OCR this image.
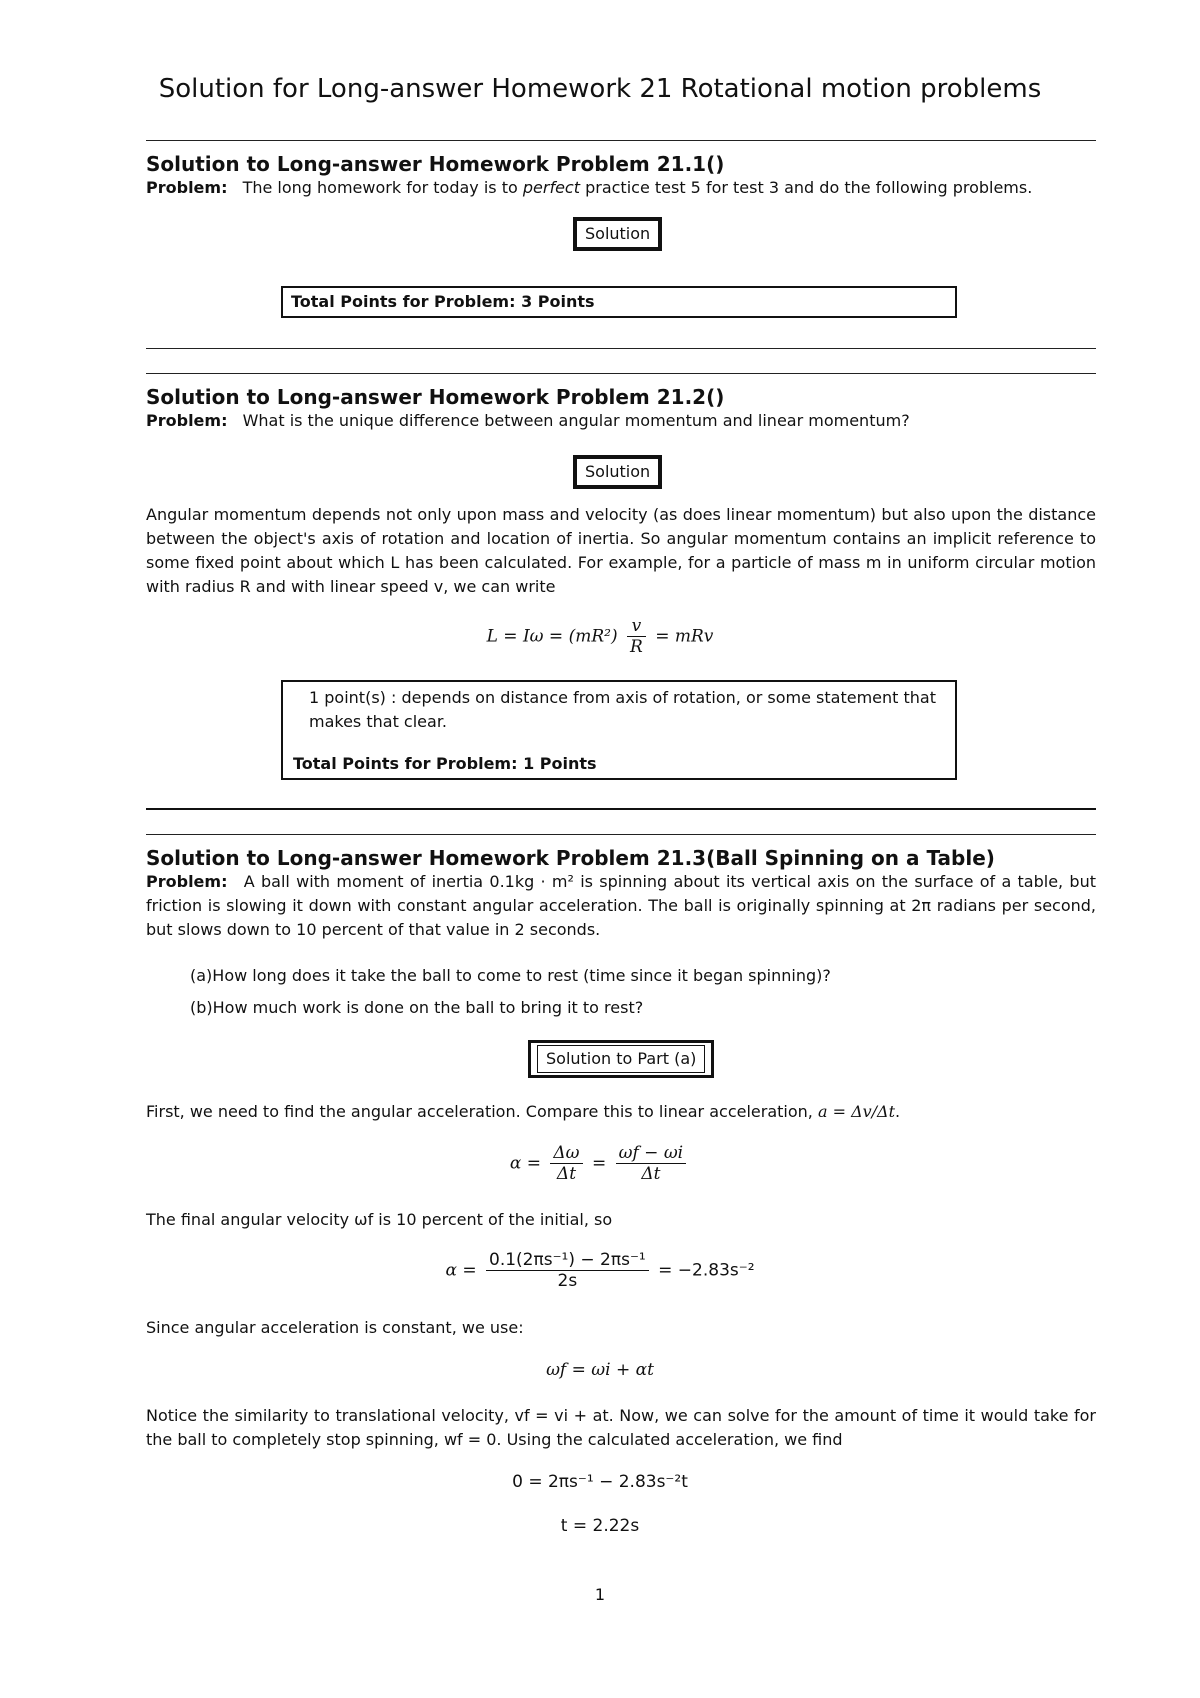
Solution for Long-answer Homework 21 Rotational motion problems
Solution to Long-answer Homework Problem 21.1()
Problem: The long homework for today is to perfect practice test 5 for test 3 and do the following problems.
Solution
Total Points for Problem: 3 Points
Solution to Long-answer Homework Problem 21.2()
Problem: What is the unique difference between angular momentum and linear momentum?
Solution
Angular momentum depends not only upon mass and velocity (as does linear momentum) but also upon the distance between the object's axis of rotation and location of inertia. So angular momentum contains an implicit reference to some fixed point about which L has been calculated. For example, for a particle of mass m in uniform circular motion with radius R and with linear speed v, we can write
$L = I\omega = (mR^2) \frac{v}{R}$ = mRv
1 point(s) : depends on distance from axis of rotation, or some statement that makes that clear.
Total Points for Problem: 1 Points
Solution to Long-answer Homework Problem 21.3(Ball Spinning on a Table)
Problem: A ball with moment of inertia 0.1kg · m² is spinning about its vertical axis on the surface of a table, but friction is slowing it down with constant angular acceleration. The ball is originally spinning at 2π radians per second, but slows down to 10 percent of that value in 2 seconds.
(a)How long does it take the ball to come to rest (time since it began spinning)?
(b)How much work is done on the ball to bring it to rest?
Solution to Part (a)
First, we need to find the angular acceleration. Compare this to linear acceleration, a = Δv/Δt.
$\alpha = \frac{\Delta\omega}{\Delta t} = \frac{\omega f - \omega i}{\Delta t}$
The final angular velocity ωf is 10 percent of the initial, so
$\alpha = \frac{\text{0.1(2πs⁻¹) − 2πs⁻¹}}{2s} = -2.83s^{-2}$
Since angular acceleration is constant, we use:
ωf = ωi + αt
Notice the similarity to translational velocity, vf = vi + at. Now, we can solve for the amount of time it would take for the ball to completely stop spinning, wf = 0. Using the calculated acceleration, we find
0 = 2πs⁻¹ − 2.83s⁻²t
t = 2.22s
1
